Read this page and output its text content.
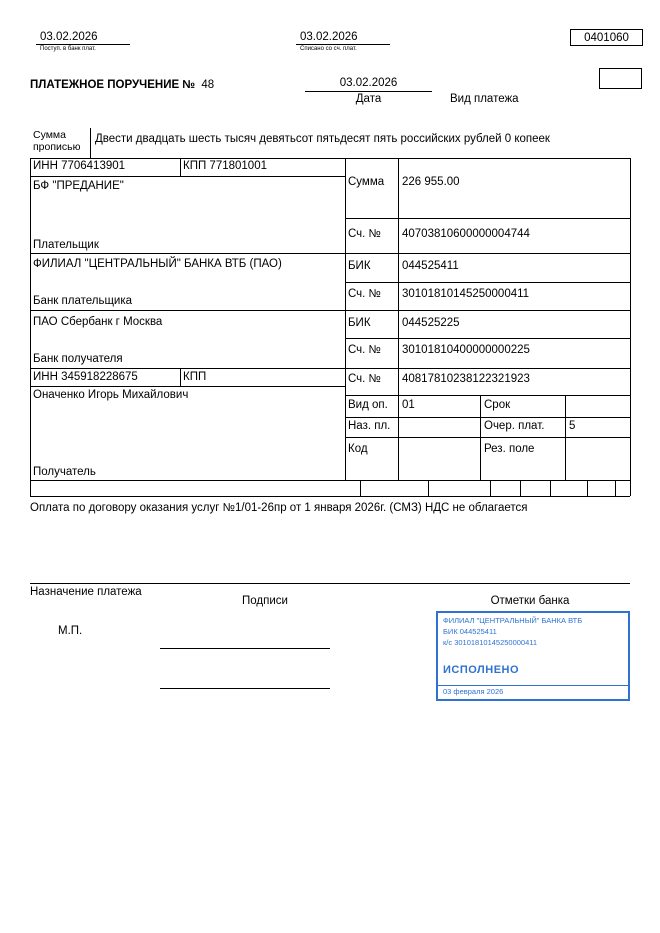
03.02.2026
Поступ. в банк плат.
03.02.2026
Списано со сч. плат.
0401060
ПЛАТЕЖНОЕ ПОРУЧЕНИЕ № 48	03.02.2026
Дата	Вид платежа
Сумма
прописью
Двести двадцать шесть тысяч девятьсот пятьдесят пять российских рублей 0 копеек
ИНН 7706413901	КПП 771801001
БФ "ПРЕДАНИЕ"
Плательщик
Сумма 226 955.00
Сч. № 40703810600000004744
ФИЛИАЛ "ЦЕНТРАЛЬНЫЙ" БАНКА ВТБ (ПАО)
Банк плательщика
БИК	044525411
Сч. № 30101810145250000411
ПАО Сбербанк г Москва
Банк получателя
БИК	044525225
Сч. № 30101810400000000225
ИНН 345918228675	КПП
Оначенко Игорь Михайлович
Получатель
Сч. № 40817810238122321923
Вид оп. 01	Срок
Наз. пл.	Очер. плат. 5
Код	Рез. поле
Оплата по договору оказания услуг №1/01-26пр от 1 января 2026г. (СМЗ) НДС не облагается
Назначение платежа
Подписи	Отметки банка
М.П.
ФИЛИАЛ "ЦЕНТРАЛЬНЫЙ" БАНКА ВТБ
БИК 044525411
к/с 30101810145250000411
ИСПОЛНЕНО
03 февраля 2026
